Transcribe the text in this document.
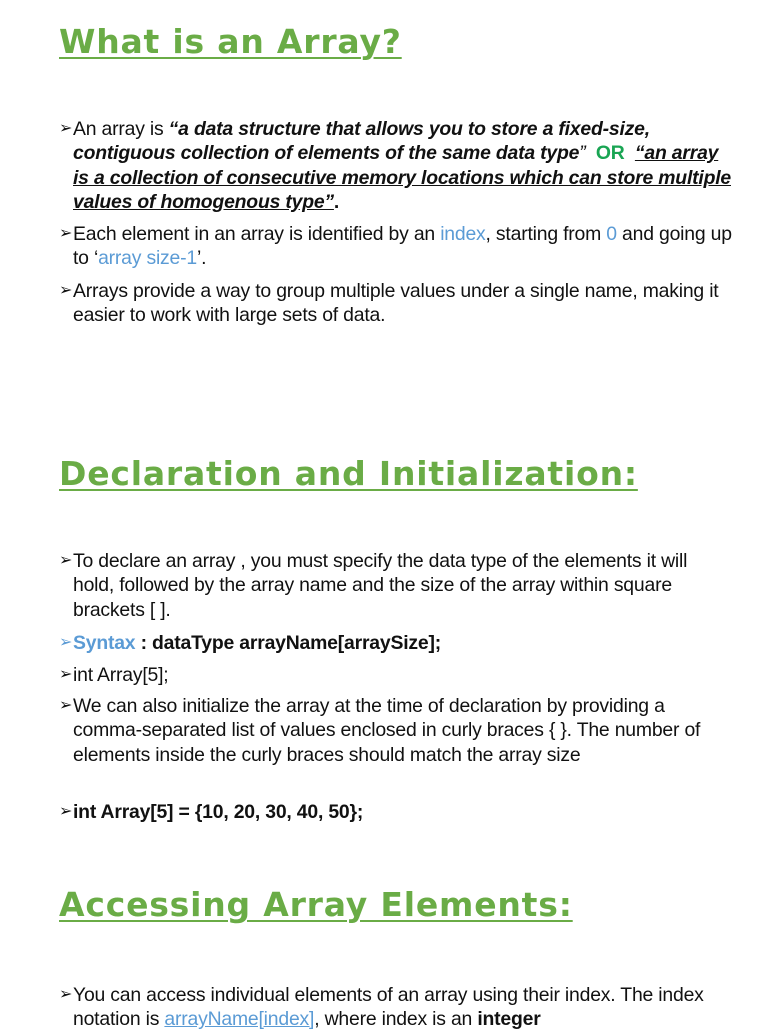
What is an Array?

➢ An array is “a data structure that allows you to store a fixed-size, contiguous collection of elements of the same data type” OR “an array is a collection of consecutive memory locations which can store multiple values of homogenous type”.

➢ Each element in an array is identified by an index, starting from 0 and going up to ‘array size-1’.

➢ Arrays provide a way to group multiple values under a single name, making it easier to work with large sets of data.

Declaration and Initialization:

➢ To declare an array , you must specify the data type of the elements it will hold, followed by the array name and the size of the array within square brackets [ ].

➢ Syntax : dataType arrayName[arraySize];

➢ int Array[5];

➢ We can also initialize the array at the time of declaration by providing a comma-separated list of values enclosed in curly braces { }. The number of elements inside the curly braces should match the array size

➢ int Array[5] = {10, 20, 30, 40, 50};

Accessing Array Elements:

➢ You can access individual elements of an array using their index. The index notation is arrayName[index], where index is an integer
